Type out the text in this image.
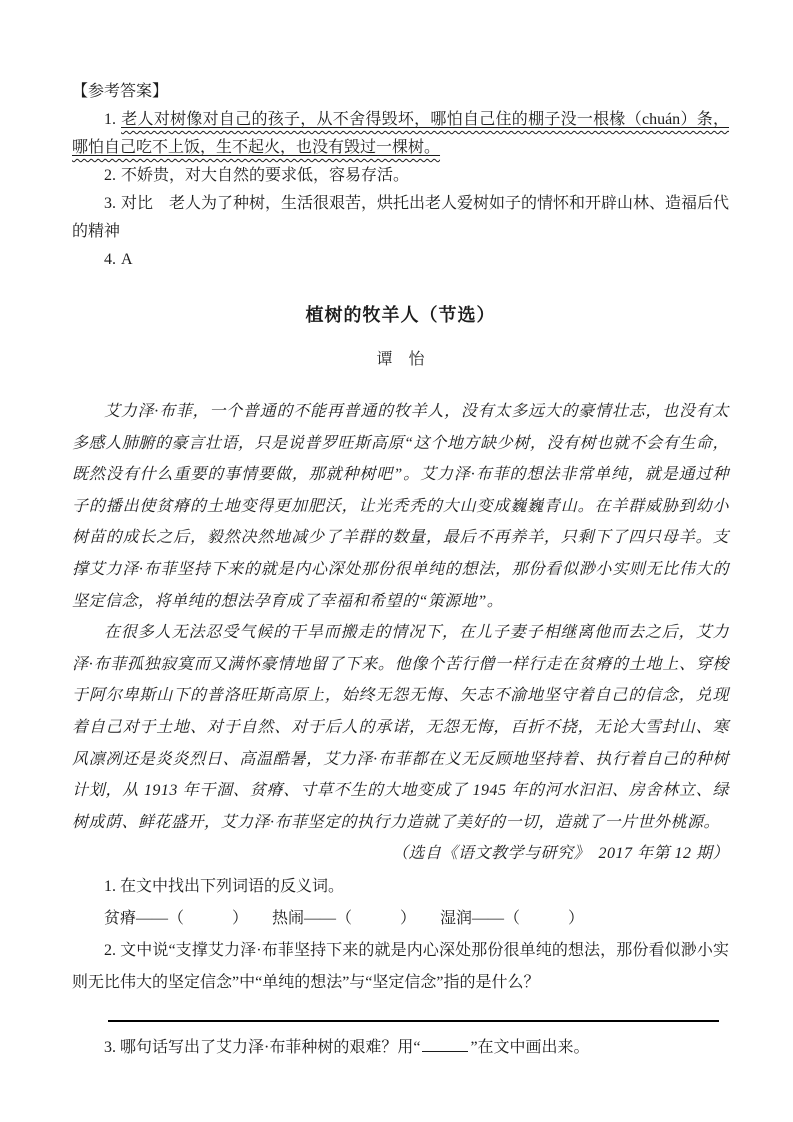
【参考答案】

1. 老人对树像对自己的孩子，从不舍得毁坏，哪怕自己住的棚子没一根椽（chuán）条，哪怕自己吃不上饭，生不起火，也没有毁过一棵树。

2. 不娇贵，对大自然的要求低，容易存活。

3. 对比　老人为了种树，生活很艰苦，烘托出老人爱树如子的情怀和开辟山林、造福后代的精神

4. A

植树的牧羊人（节选）

谭　怡

艾力泽·布菲，一个普通的不能再普通的牧羊人，没有太多远大的豪情壮志，也没有太多感人肺腑的豪言壮语，只是说普罗旺斯高原“这个地方缺少树，没有树也就不会有生命，既然没有什么重要的事情要做，那就种树吧”。艾力泽·布菲的想法非常单纯，就是通过种子的播出使贫瘠的土地变得更加肥沃，让光秃秃的大山变成巍巍青山。在羊群威胁到幼小树苗的成长之后，毅然决然地减少了羊群的数量，最后不再养羊，只剩下了四只母羊。支撑艾力泽·布菲坚持下来的就是内心深处那份很单纯的想法，那份看似渺小实则无比伟大的坚定信念，将单纯的想法孕育成了幸福和希望的“策源地”。

在很多人无法忍受气候的干旱而搬走的情况下，在儿子妻子相继离他而去之后，艾力泽·布菲孤独寂寞而又满怀豪情地留了下来。他像个苦行僧一样行走在贫瘠的土地上、穿梭于阿尔卑斯山下的普洛旺斯高原上，始终无怨无悔、矢志不渝地坚守着自己的信念，兑现着自己对于土地、对于自然、对于后人的承诺，无怨无悔，百折不挠，无论大雪封山、寒风凛冽还是炎炎烈日、高温酷暑，艾力泽·布菲都在义无反顾地坚持着、执行着自己的种树计划，从 1913 年干涸、贫瘠、寸草不生的大地变成了 1945 年的河水汩汩、房舍林立、绿树成荫、鲜花盛开，艾力泽·布菲坚定的执行力造就了美好的一切，造就了一片世外桃源。

（选自《语文教学与研究》　2017 年第 12 期）

1. 在文中找出下列词语的反义词。

贫瘠——（　　　）　　热闹——（　　　）　　湿润——（　　　）

2. 文中说“支撑艾力泽·布菲坚持下来的就是内心深处那份很单纯的想法，那份看似渺小实则无比伟大的坚定信念”中“单纯的想法”与“坚定信念”指的是什么？

3. 哪句话写出了艾力泽·布菲种树的艰难？用“	”在文中画出来。
